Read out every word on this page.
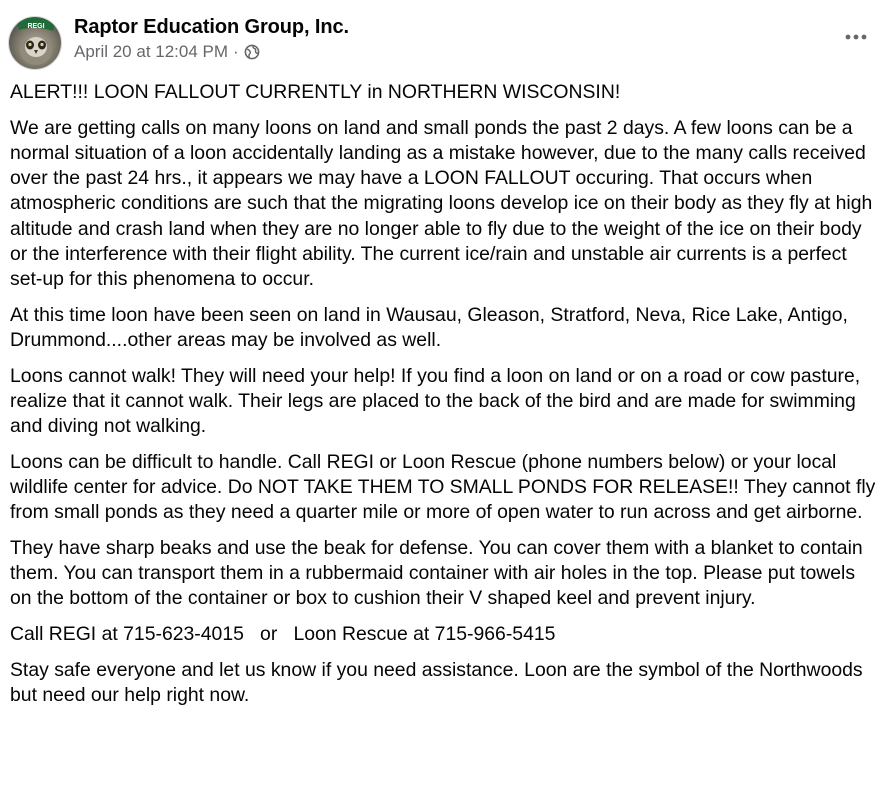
REGI Raptor Education Group, Inc.
April 20 at 12:04 PM ·

ALERT!!! LOON FALLOUT CURRENTLY in NORTHERN WISCONSIN!

We are getting calls on many loons on land and small ponds the past 2 days. A few loons can be a normal situation of a loon accidentally landing as a mistake however, due to the many calls received over the past 24 hrs., it appears we may have a LOON FALLOUT occuring. That occurs when atmospheric conditions are such that the migrating loons develop ice on their body as they fly at high altitude and crash land when they are no longer able to fly due to the weight of the ice on their body or the interference with their flight ability. The current ice/rain and unstable air currents is a perfect set-up for this phenomena to occur.

At this time loon have been seen on land in Wausau, Gleason, Stratford, Neva, Rice Lake, Antigo, Drummond....other areas may be involved as well.

Loons cannot walk! They will need your help! If you find a loon on land or on a road or cow pasture, realize that it cannot walk. Their legs are placed to the back of the bird and are made for swimming and diving not walking.

Loons can be difficult to handle. Call REGI or Loon Rescue (phone numbers below) or your local wildlife center for advice. Do NOT TAKE THEM TO SMALL PONDS FOR RELEASE!! They cannot fly from small ponds as they need a quarter mile or more of open water to run across and get airborne.

They have sharp beaks and use the beak for defense. You can cover them with a blanket to contain them. You can transport them in a rubbermaid container with air holes in the top. Please put towels on the bottom of the container or box to cushion their V shaped keel and prevent injury.

Call REGI at 715-623-4015   or   Loon Rescue at 715-966-5415

Stay safe everyone and let us know if you need assistance. Loon are the symbol of the Northwoods but need our help right now.
